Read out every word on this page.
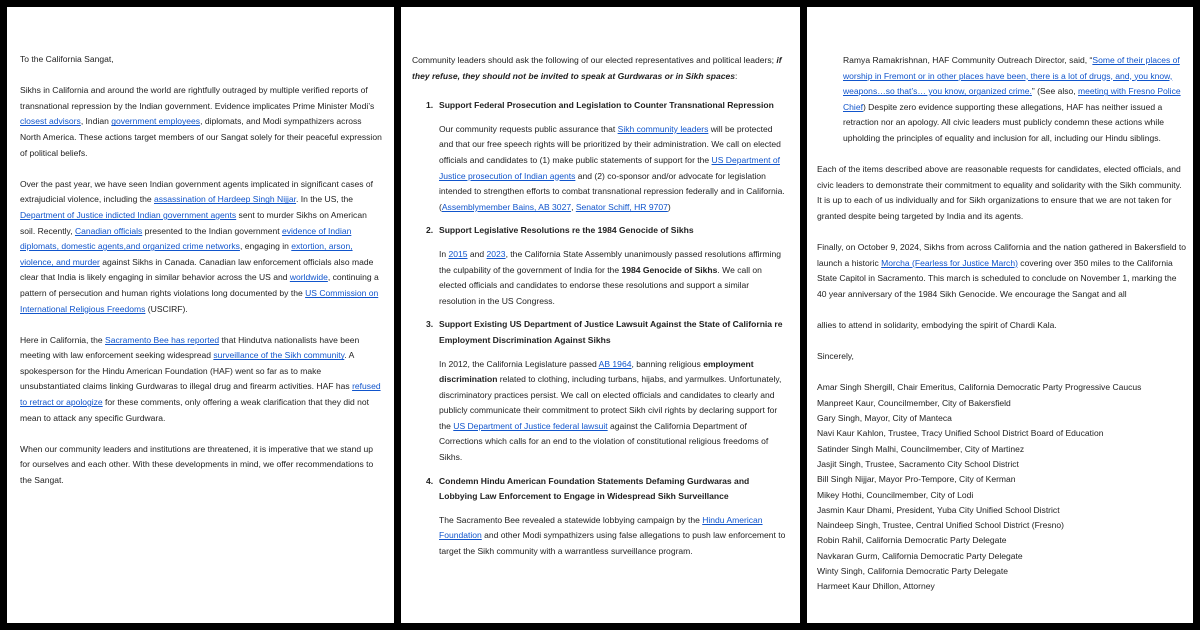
To the California Sangat,

Sikhs in California and around the world are rightfully outraged by multiple verified reports of transnational repression by the Indian government. Evidence implicates Prime Minister Modi’s closest advisors, Indian government employees, diplomats, and Modi sympathizers across North America. These actions target members of our Sangat solely for their peaceful expression of political beliefs.

Over the past year, we have seen Indian government agents implicated in significant cases of extrajudicial violence, including the assassination of Hardeep Singh Nijjar. In the US, the Department of Justice indicted Indian government agents sent to murder Sikhs on American soil. Recently, Canadian officials presented to the Indian government evidence of Indian diplomats, domestic agents,and organized crime networks, engaging in extortion, arson, violence, and murder against Sikhs in Canada. Canadian law enforcement officials also made clear that India is likely engaging in similar behavior across the US and worldwide, continuing a pattern of persecution and human rights violations long documented by the US Commission on International Religious Freedoms (USCIRF).

Here in California, the Sacramento Bee has reported that Hindutva nationalists have been meeting with law enforcement seeking widespread surveillance of the Sikh community. A spokesperson for the Hindu American Foundation (HAF) went so far as to make unsubstantiated claims linking Gurdwaras to illegal drug and firearm activities. HAF has refused to retract or apologize for these comments, only offering a weak clarification that they did not mean to attack any specific Gurdwara.

When our community leaders and institutions are threatened, it is imperative that we stand up for ourselves and each other. With these developments in mind, we offer recommendations to the Sangat.

Community leaders should ask the following of our elected representatives and political leaders; if they refuse, they should not be invited to speak at Gurdwaras or in Sikh spaces:

1. Support Federal Prosecution and Legislation to Counter Transnational Repression

Our community requests public assurance that Sikh community leaders will be protected and that our free speech rights will be prioritized by their administration. We call on elected officials and candidates to (1) make public statements of support for the US Department of Justice prosecution of Indian agents and (2) co-sponsor and/or advocate for legislation intended to strengthen efforts to combat transnational repression federally and in California. (Assemblymember Bains, AB 3027, Senator Schiff, HR 9707)

2. Support Legislative Resolutions re the 1984 Genocide of Sikhs

In 2015 and 2023, the California State Assembly unanimously passed resolutions affirming the culpability of the government of India for the 1984 Genocide of Sikhs. We call on elected officials and candidates to endorse these resolutions and support a similar resolution in the US Congress.

3. Support Existing US Department of Justice Lawsuit Against the State of California re Employment Discrimination Against Sikhs

In 2012, the California Legislature passed AB 1964, banning religious employment discrimination related to clothing, including turbans, hijabs, and yarmulkes. Unfortunately, discriminatory practices persist. We call on elected officials and candidates to clearly and publicly communicate their commitment to protect Sikh civil rights by declaring support for the US Department of Justice federal lawsuit against the California Department of Corrections which calls for an end to the violation of constitutional religious freedoms of Sikhs.

4. Condemn Hindu American Foundation Statements Defaming Gurdwaras and Lobbying Law Enforcement to Engage in Widespread Sikh Surveillance

The Sacramento Bee revealed a statewide lobbying campaign by the Hindu American Foundation and other Modi sympathizers using false allegations to push law enforcement to target the Sikh community with a warrantless surveillance program.

Ramya Ramakrishnan, HAF Community Outreach Director, said, “Some of their places of worship in Fremont or in other places have been, there is a lot of drugs, and, you know, weapons…so that’s… you know, organized crime.” (See also, meeting with Fresno Police Chief) Despite zero evidence supporting these allegations, HAF has neither issued a retraction nor an apology. All civic leaders must publicly condemn these actions while upholding the principles of equality and inclusion for all, including our Hindu siblings.

Each of the items described above are reasonable requests for candidates, elected officials, and civic leaders to demonstrate their commitment to equality and solidarity with the Sikh community. It is up to each of us individually and for Sikh organizations to ensure that we are not taken for granted despite being targeted by India and its agents.

Finally, on October 9, 2024, Sikhs from across California and the nation gathered in Bakersfield to launch a historic Morcha (Fearless for Justice March) covering over 350 miles to the California State Capitol in Sacramento. This march is scheduled to conclude on November 1, marking the 40 year anniversary of the 1984 Sikh Genocide. We encourage the Sangat and all

allies to attend in solidarity, embodying the spirit of Chardi Kala.

Sincerely,

Amar Singh Shergill, Chair Emeritus, California Democratic Party Progressive Caucus

Manpreet Kaur, Councilmember, City of Bakersfield

Gary Singh, Mayor, City of Manteca

Navi Kaur Kahlon, Trustee, Tracy Unified School District Board of Education

Satinder Singh Malhi, Councilmember, City of Martinez

Jasjit Singh, Trustee, Sacramento City School District

Bill Singh Nijjar, Mayor Pro-Tempore, City of Kerman

Mikey Hothi, Councilmember, City of Lodi

Jasmin Kaur Dhami, President, Yuba City Unified School District

Naindeep Singh, Trustee, Central Unified School District (Fresno)

Robin Rahil, California Democratic Party Delegate

Navkaran Gurm, California Democratic Party Delegate

Winty Singh, California Democratic Party Delegate

Harmeet Kaur Dhillon, Attorney
